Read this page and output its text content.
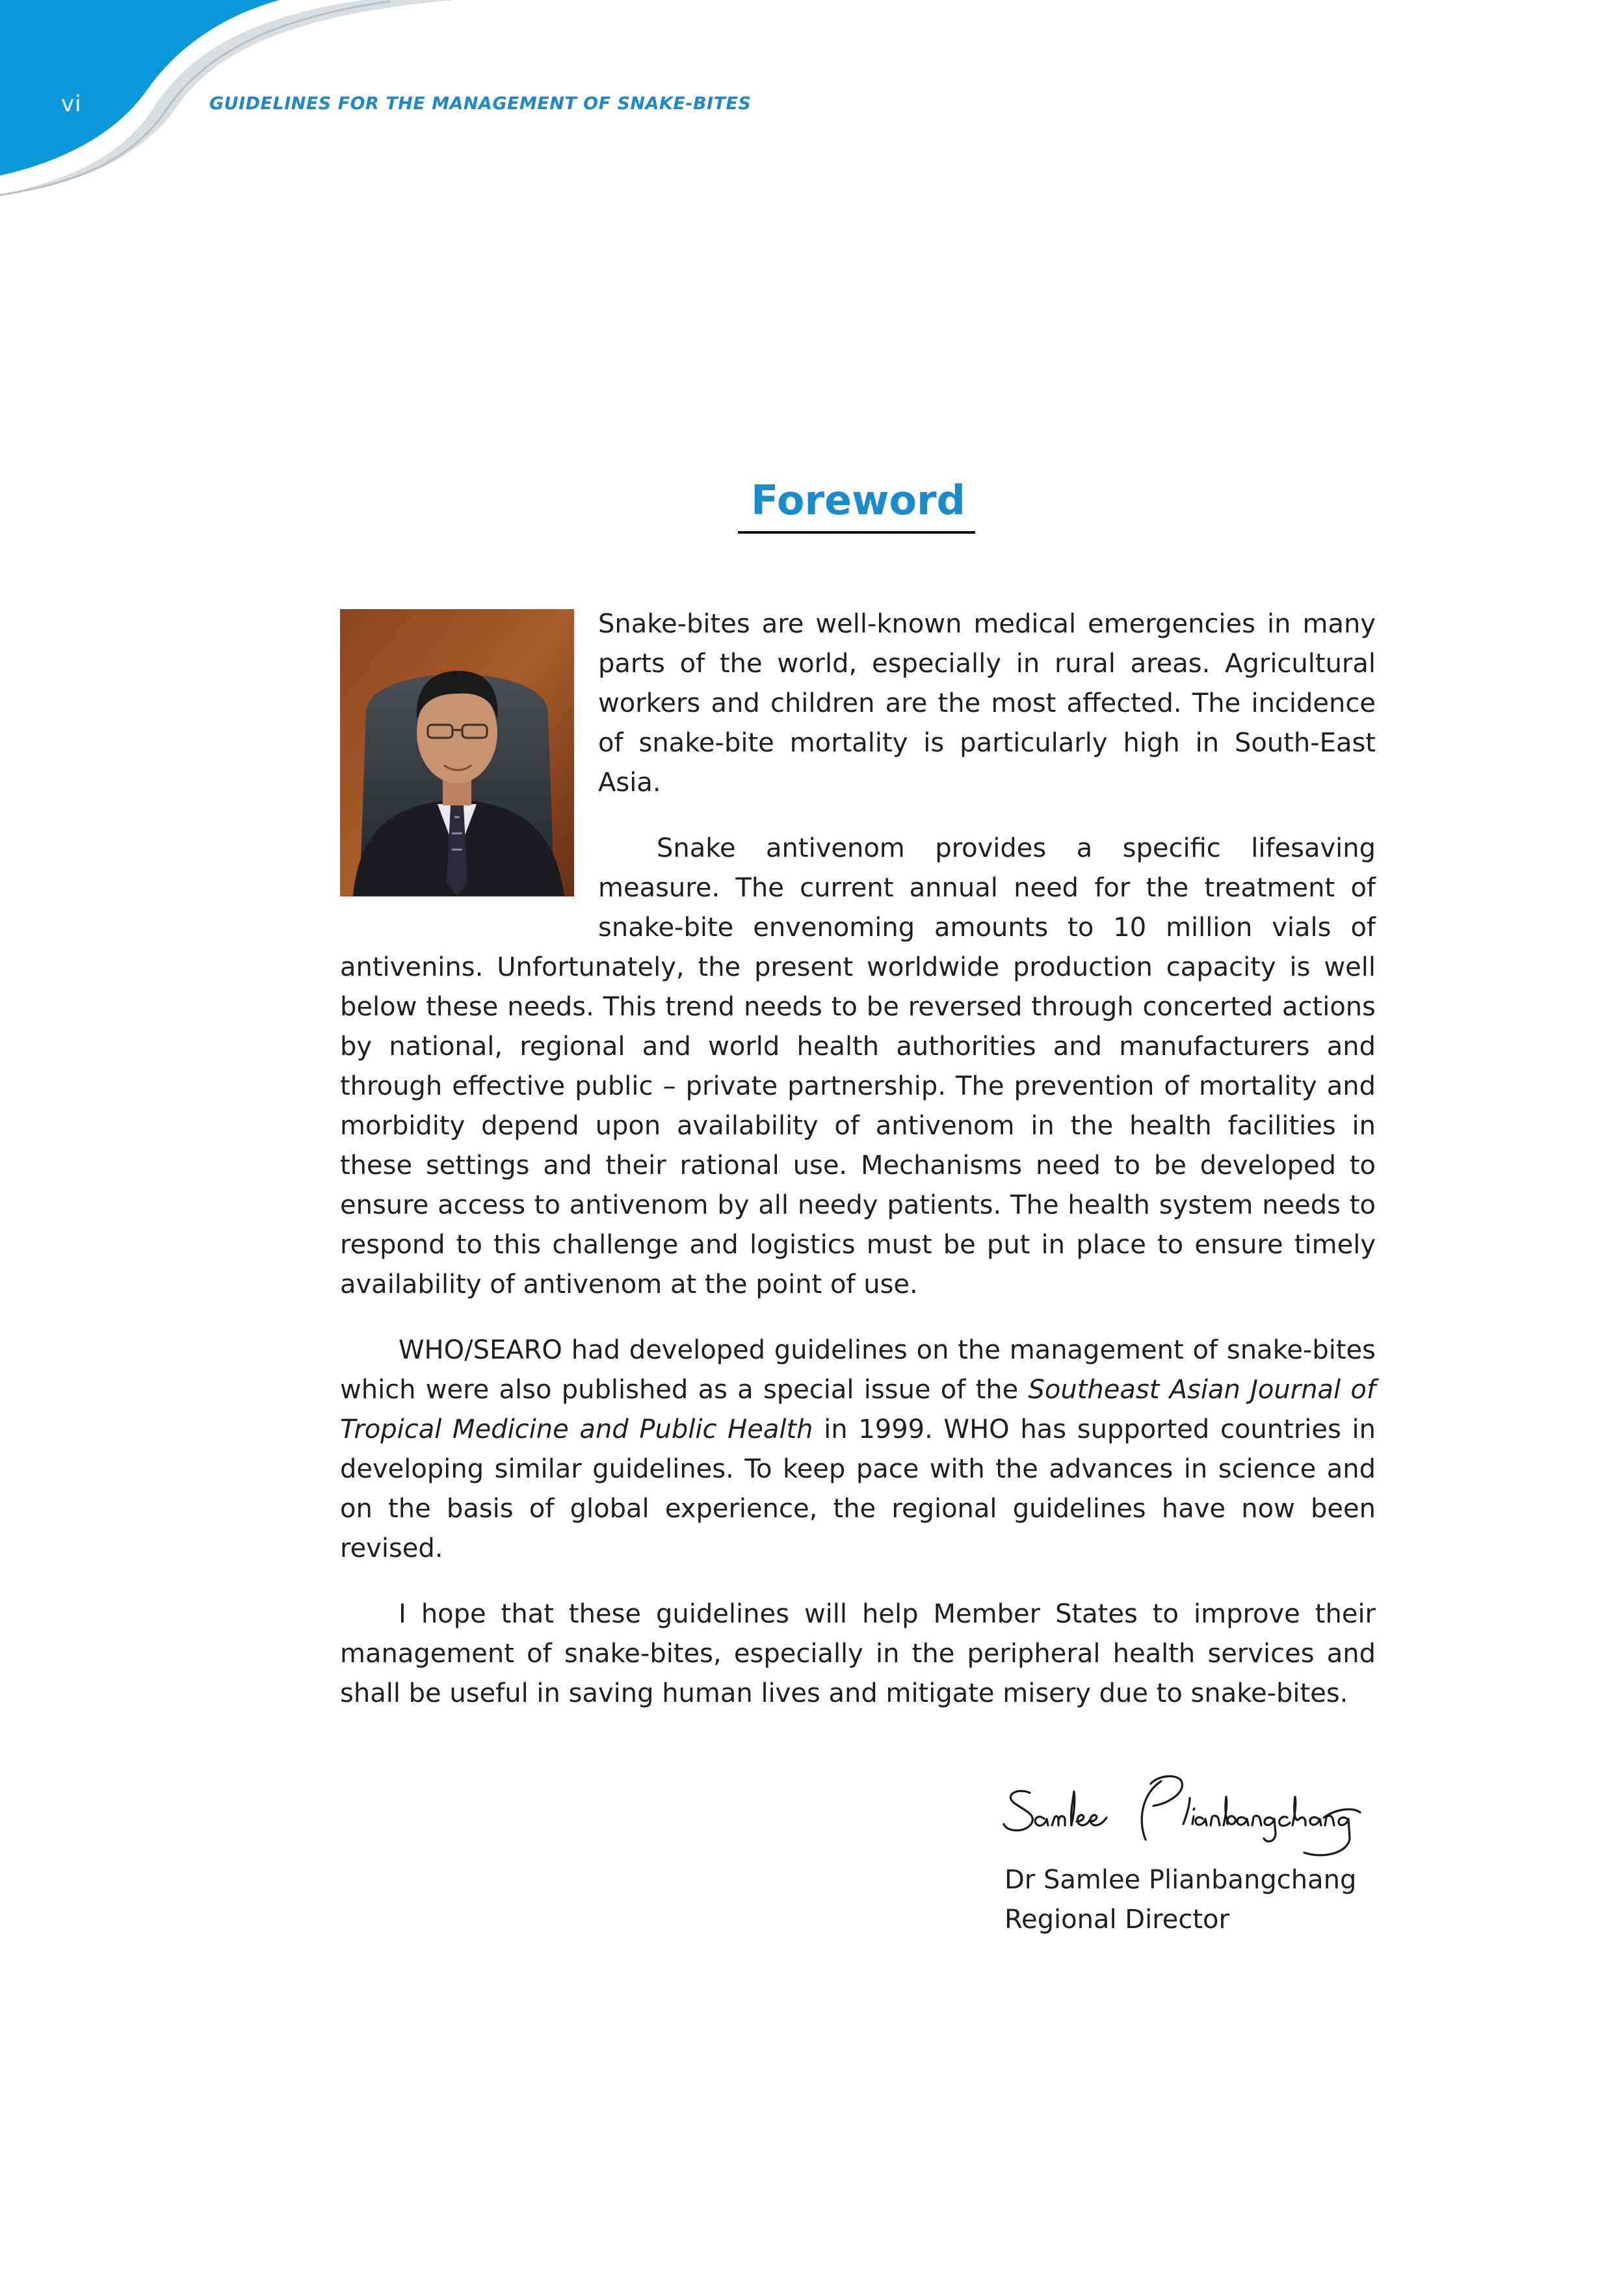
vi	GUIDELINES FOR THE MANAGEMENT OF SNAKE-BITES
Foreword

Snake-bites are well-known medical emergencies in many parts of the world, especially in rural areas. Agricultural workers and children are the most affected. The incidence of snake-bite mortality is particularly high in South-East Asia.

Snake antivenom provides a specific lifesaving measure. The current annual need for the treatment of snake-bite envenoming amounts to 10 million vials of antivenins. Unfortunately, the present worldwide production capacity is well below these needs. This trend needs to be reversed through concerted actions by national, regional and world health authorities and manufacturers and through effective public – private partnership. The prevention of mortality and morbidity depend upon availability of antivenom in the health facilities in these settings and their rational use. Mechanisms need to be developed to ensure access to antivenom by all needy patients. The health system needs to respond to this challenge and logistics must be put in place to ensure timely availability of antivenom at the point of use.

WHO/SEARO had developed guidelines on the management of snake-bites which were also published as a special issue of the Southeast Asian Journal of Tropical Medicine and Public Health in 1999. WHO has supported countries in developing similar guidelines. To keep pace with the advances in science and on the basis of global experience, the regional guidelines have now been revised.

I hope that these guidelines will help Member States to improve their management of snake-bites, especially in the peripheral health services and shall be useful in saving human lives and mitigate misery due to snake-bites.

Dr Samlee Plianbangchang
Regional Director
